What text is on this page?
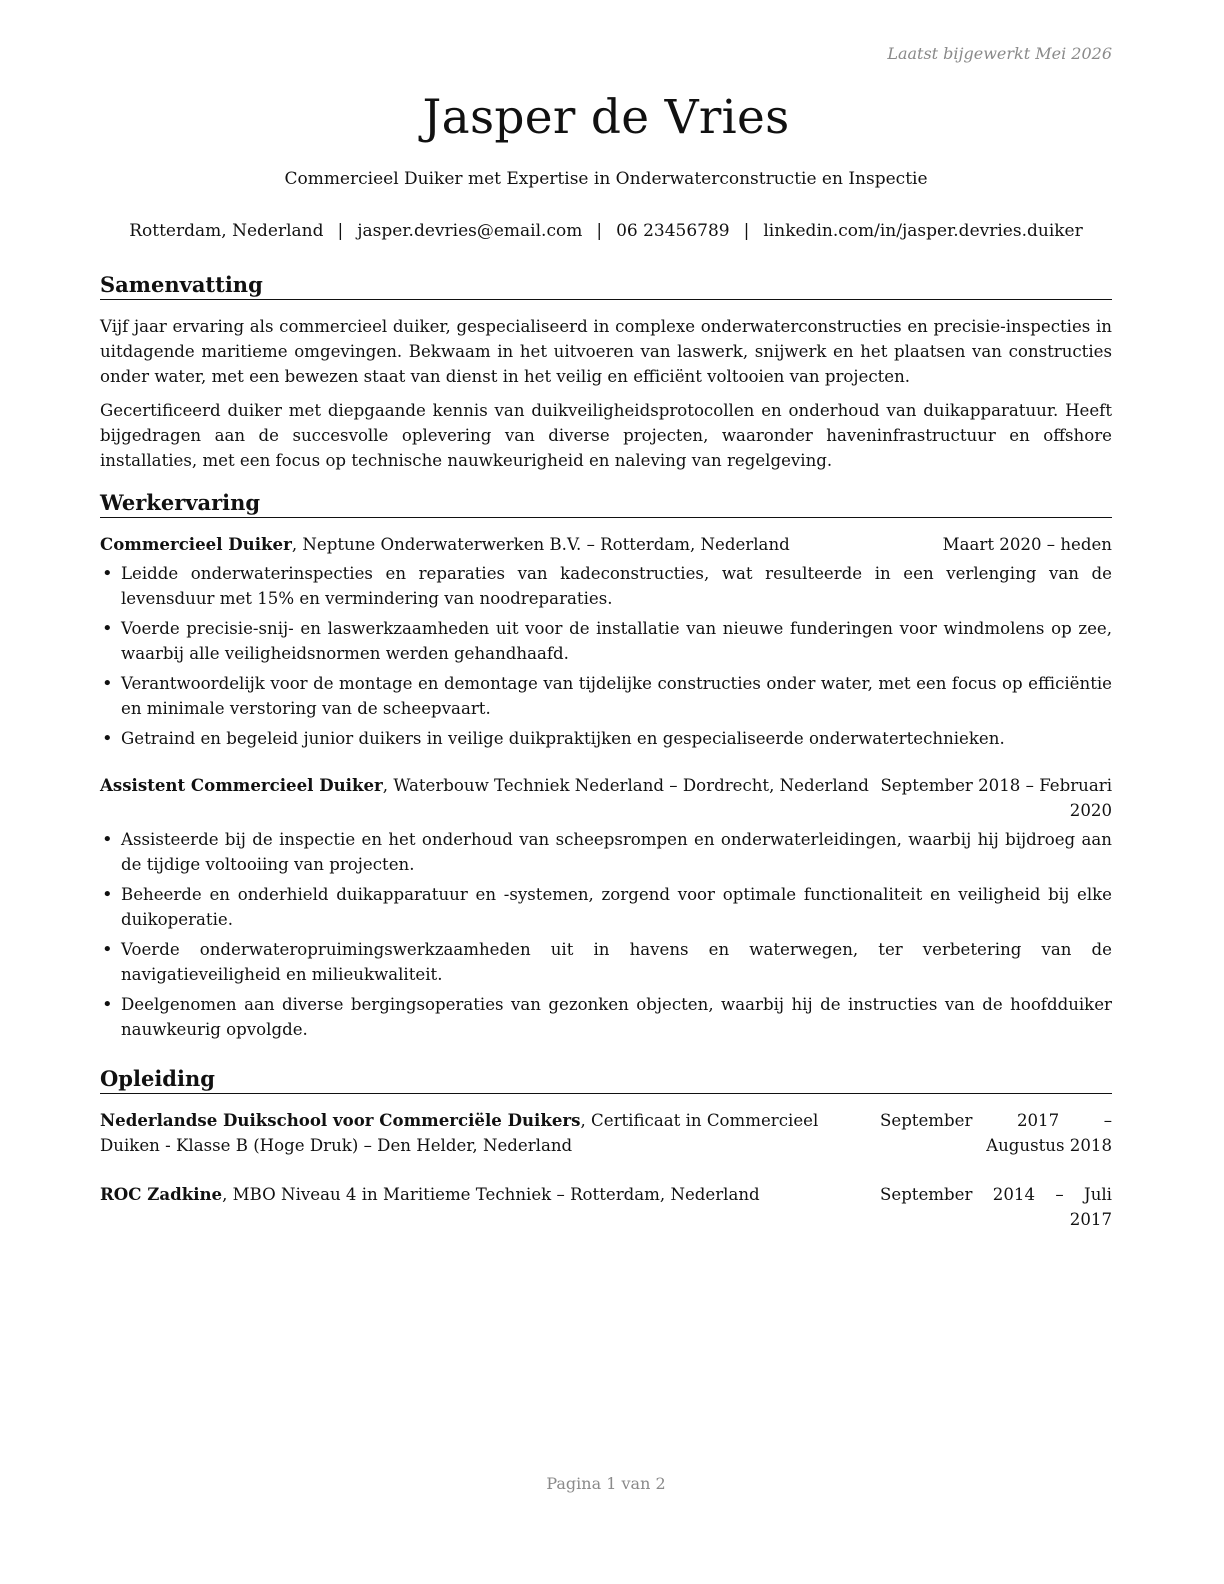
Laatst bijgewerkt Mei 2026
Jasper de Vries
Commercieel Duiker met Expertise in Onderwaterconstructie en Inspectie
Rotterdam, Nederland | jasper.devries@email.com | 06 23456789 | linkedin.com/in/jasper.devries.duiker
Samenvatting

Vijf jaar ervaring als commercieel duiker, gespecialiseerd in complexe onderwaterconstructies en precisie-inspecties in uitdagende maritieme omgevingen. Bekwaam in het uitvoeren van laswerk, snijwerk en het plaatsen van constructies onder water, met een bewezen staat van dienst in het veilig en efficiënt voltooien van projecten.

Gecertificeerd duiker met diepgaande kennis van duikveiligheidsprotocollen en onderhoud van duikapparatuur. Heeft bijgedragen aan de succesvolle oplevering van diverse projecten, waaronder haveninfrastructuur en offshore installaties, met een focus op technische nauwkeurigheid en naleving van regelgeving.

Werkervaring
Commercieel Duiker, Neptune Onderwaterwerken B.V. – Rotterdam, Nederland	Maart 2020 – heden
• Leidde onderwaterinspecties en reparaties van kadeconstructies, wat resulteerde in een verlenging van de levensduur met 15% en vermindering van noodreparaties.
• Voerde precisie-snij- en laswerkzaamheden uit voor de installatie van nieuwe funderingen voor windmolens op zee, waarbij alle veiligheidsnormen werden gehandhaafd.
• Verantwoordelijk voor de montage en demontage van tijdelijke constructies onder water, met een focus op efficiëntie en minimale verstoring van de scheepvaart.
• Getraind en begeleid junior duikers in veilige duikpraktijken en gespecialiseerde onderwatertechnieken.
Assistent Commercieel Duiker, Waterbouw Techniek Nederland – Dordrecht, Nederland September 2018 – Februari 2020
• Assisteerde bij de inspectie en het onderhoud van scheepsrompen en onderwaterleidingen, waarbij hij bijdroeg aan de tijdige voltooiing van projecten.
• Beheerde en onderhield duikapparatuur en -systemen, zorgend voor optimale functionaliteit en veiligheid bij elke duikoperatie.
• Voerde onderwateropruimingswerkzaamheden uit in havens en waterwegen, ter verbetering van de navigatieveiligheid en milieukwaliteit.
• Deelgenomen aan diverse bergingsoperaties van gezonken objecten, waarbij hij de instructies van de hoofdduiker nauwkeurig opvolgde.
Opleiding
Nederlandse Duikschool voor Commerciële Duikers, Certificaat in Commercieel Duiken - Klasse B (Hoge Druk) – Den Helder, Nederland
September 2017 – Augustus 2018
ROC Zadkine, MBO Niveau 4 in Maritieme Techniek – Rotterdam, Nederland	September 2014 – Juli 2017
Pagina 1 van 2
